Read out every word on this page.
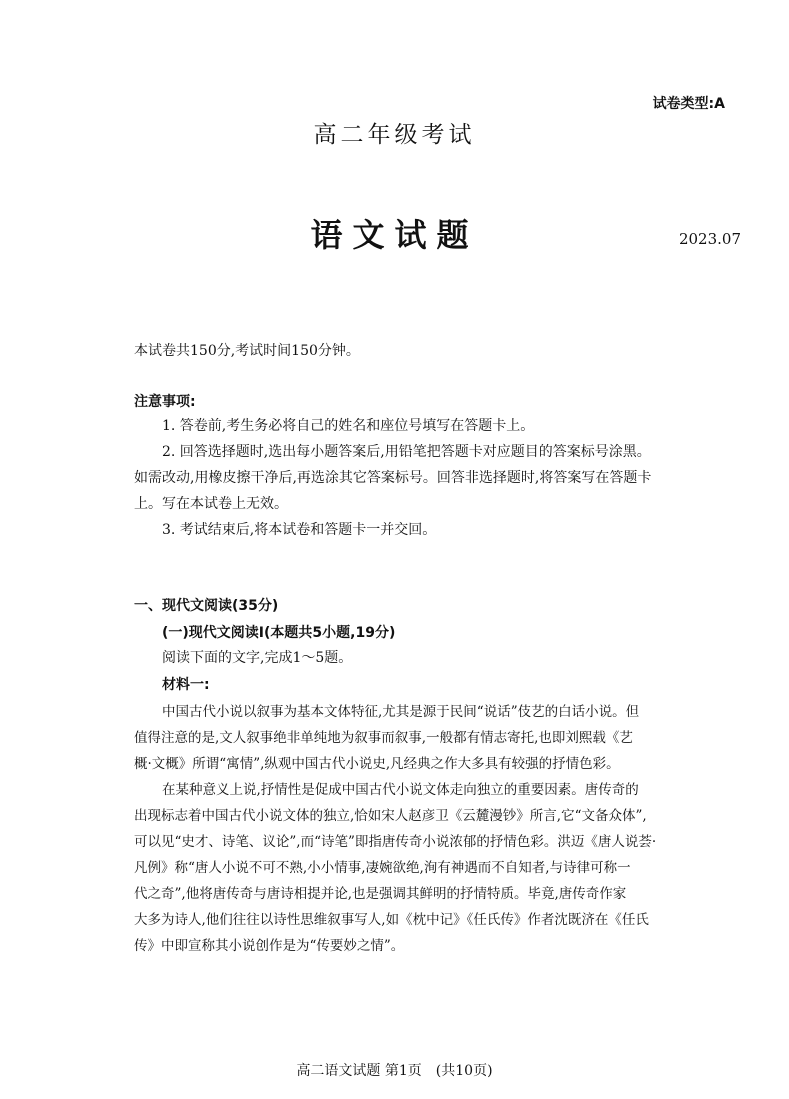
试卷类型:A
高二年级考试
语文试题	2023.07
本试卷共150分,考试时间150分钟。
注意事项:
1. 答卷前,考生务必将自己的姓名和座位号填写在答题卡上。
2. 回答选择题时,选出每小题答案后,用铅笔把答题卡对应题目的答案标号涂黑。
如需改动,用橡皮擦干净后,再选涂其它答案标号。回答非选择题时,将答案写在答题卡
上。写在本试卷上无效。
3. 考试结束后,将本试卷和答题卡一并交回。
一、现代文阅读(35分)
(一)现代文阅读Ⅰ(本题共5小题,19分)
阅读下面的文字,完成1～5题。
材料一:
中国古代小说以叙事为基本文体特征,尤其是源于民间“说话”伎艺的白话小说。但
值得注意的是,文人叙事绝非单纯地为叙事而叙事,一般都有情志寄托,也即刘熙载《艺
概·文概》所谓“寓情”,纵观中国古代小说史,凡经典之作大多具有较强的抒情色彩。
在某种意义上说,抒情性是促成中国古代小说文体走向独立的重要因素。唐传奇的
出现标志着中国古代小说文体的独立,恰如宋人赵彦卫《云麓漫钞》所言,它“文备众体”,
可以见“史才、诗笔、议论”,而“诗笔”即指唐传奇小说浓郁的抒情色彩。洪迈《唐人说荟·
凡例》称“唐人小说不可不熟,小小情事,凄婉欲绝,洵有神遇而不自知者,与诗律可称一
代之奇”,他将唐传奇与唐诗相提并论,也是强调其鲜明的抒情特质。毕竟,唐传奇作家
大多为诗人,他们往往以诗性思维叙事写人,如《枕中记》《任氏传》作者沈既济在《任氏
传》中即宣称其小说创作是为“传要妙之情”。
高二语文试题 第1页　(共10页)
